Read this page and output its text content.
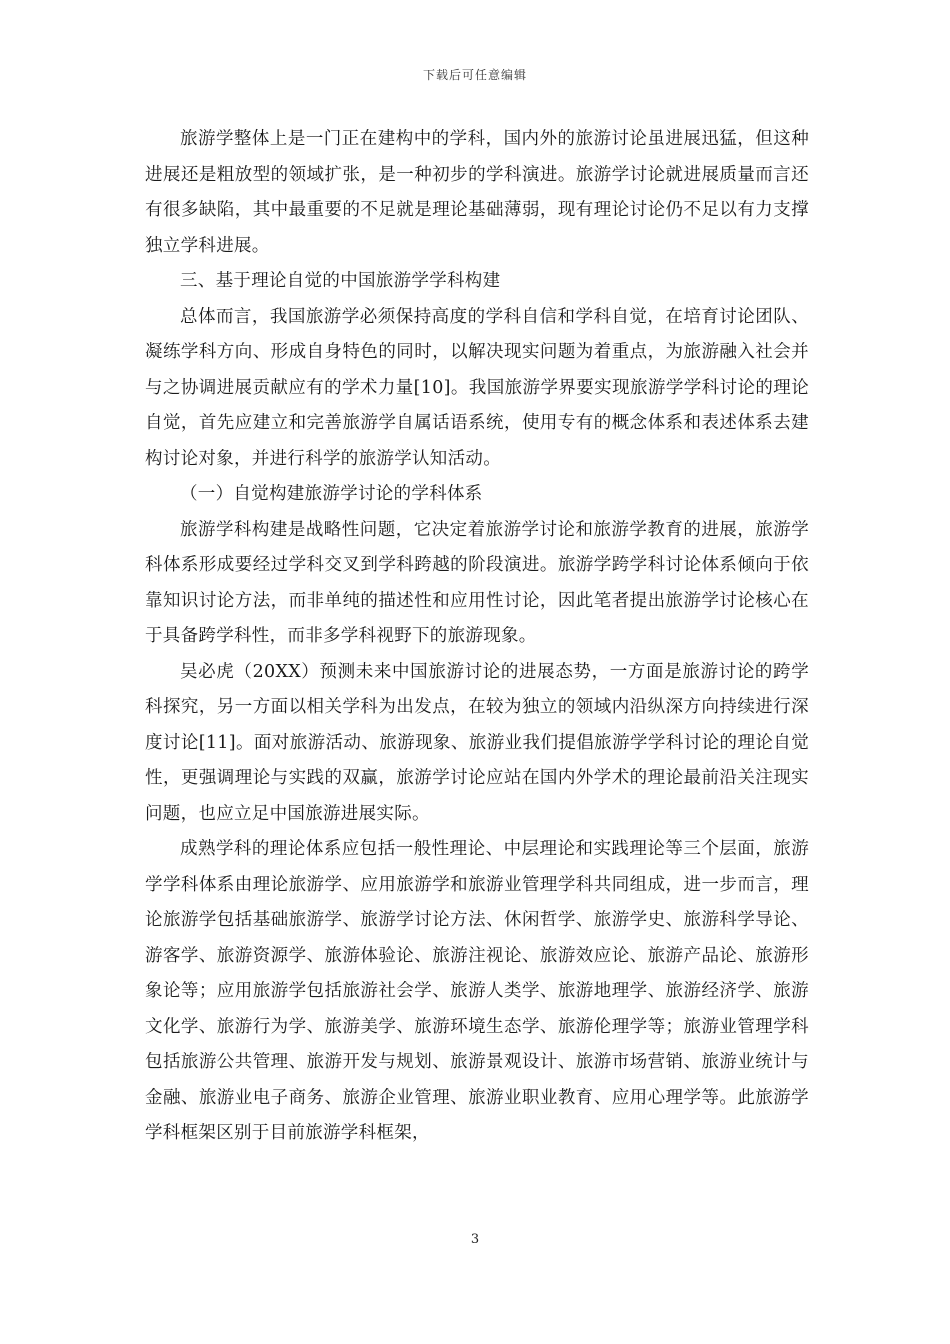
下载后可任意编辑

旅游学整体上是一门正在建构中的学科，国内外的旅游讨论虽进展迅猛，但这种进展还是粗放型的领域扩张，是一种初步的学科演进。旅游学讨论就进展质量而言还有很多缺陷，其中最重要的不足就是理论基础薄弱，现有理论讨论仍不足以有力支撑独立学科进展。

三、基于理论自觉的中国旅游学学科构建

总体而言，我国旅游学必须保持高度的学科自信和学科自觉，在培育讨论团队、凝练学科方向、形成自身特色的同时，以解决现实问题为着重点，为旅游融入社会并与之协调进展贡献应有的学术力量[10]。我国旅游学界要实现旅游学学科讨论的理论自觉，首先应建立和完善旅游学自属话语系统，使用专有的概念体系和表述体系去建构讨论对象，并进行科学的旅游学认知活动。

（一）自觉构建旅游学讨论的学科体系

旅游学科构建是战略性问题，它决定着旅游学讨论和旅游学教育的进展，旅游学科体系形成要经过学科交叉到学科跨越的阶段演进。旅游学跨学科讨论体系倾向于依靠知识讨论方法，而非单纯的描述性和应用性讨论，因此笔者提出旅游学讨论核心在于具备跨学科性，而非多学科视野下的旅游现象。

吴必虎（20XX）预测未来中国旅游讨论的进展态势，一方面是旅游讨论的跨学科探究，另一方面以相关学科为出发点，在较为独立的领域内沿纵深方向持续进行深度讨论[11]。面对旅游活动、旅游现象、旅游业我们提倡旅游学学科讨论的理论自觉性，更强调理论与实践的双赢，旅游学讨论应站在国内外学术的理论最前沿关注现实问题，也应立足中国旅游进展实际。

成熟学科的理论体系应包括一般性理论、中层理论和实践理论等三个层面，旅游学学科体系由理论旅游学、应用旅游学和旅游业管理学科共同组成，进一步而言，理论旅游学包括基础旅游学、旅游学讨论方法、休闲哲学、旅游学史、旅游科学导论、游客学、旅游资源学、旅游体验论、旅游注视论、旅游效应论、旅游产品论、旅游形象论等；应用旅游学包括旅游社会学、旅游人类学、旅游地理学、旅游经济学、旅游文化学、旅游行为学、旅游美学、旅游环境生态学、旅游伦理学等；旅游业管理学科包括旅游公共管理、旅游开发与规划、旅游景观设计、旅游市场营销、旅游业统计与金融、旅游业电子商务、旅游企业管理、旅游业职业教育、应用心理学等。此旅游学学科框架区别于目前旅游学科框架，

3
